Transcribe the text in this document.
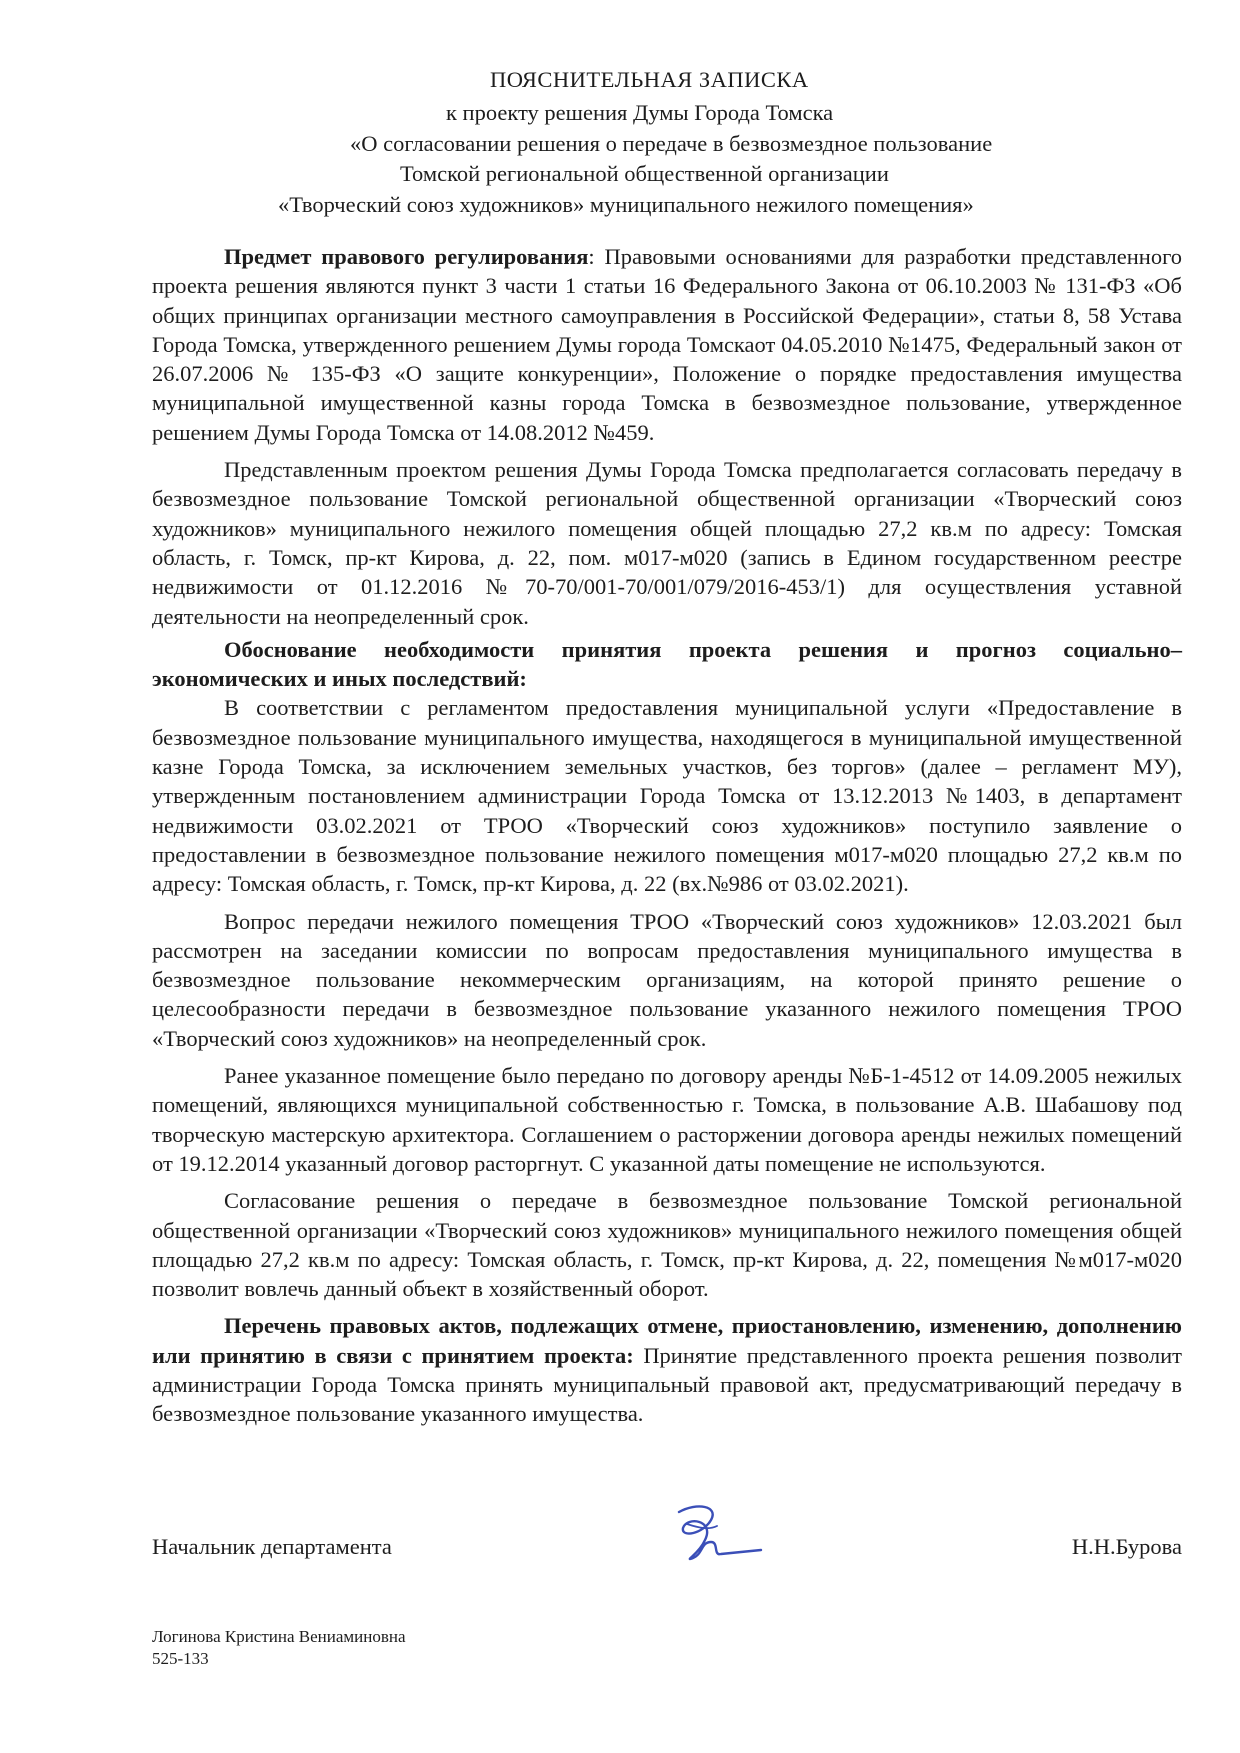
ПОЯСНИТЕЛЬНАЯ ЗАПИСКА
к проекту решения Думы Города Томска
«О согласовании решения о передаче в безвозмездное пользование
Томской региональной общественной организации
«Творческий союз художников» муниципального нежилого помещения»

Предмет правового регулирования: Правовыми основаниями для разработки представленного проекта решения являются пункт 3 части 1 статьи 16 Федерального Закона от 06.10.2003 № 131-ФЗ «Об общих принципах организации местного самоуправления в Российской Федерации», статьи 8, 58 Устава Города Томска, утвержденного решением Думы города Томскаот 04.05.2010 №1475, Федеральный закон от 26.07.2006 № 135-ФЗ «О защите конкуренции», Положение о порядке предоставления имущества муниципальной имущественной казны города Томска в безвозмездное пользование, утвержденное решением Думы Города Томска от 14.08.2012 №459.

Представленным проектом решения Думы Города Томска предполагается согласовать передачу в безвозмездное пользование Томской региональной общественной организации «Творческий союз художников» муниципального нежилого помещения общей площадью 27,2 кв.м по адресу: Томская область, г. Томск, пр-кт Кирова, д. 22, пом. м017-м020 (запись в Едином государственном реестре недвижимости от 01.12.2016 №70-70/001-70/001/079/2016-453/1) для осуществления уставной деятельности на неопределенный срок.

Обоснование необходимости принятия проекта решения и прогноз социально–экономических и иных последствий:

В соответствии с регламентом предоставления муниципальной услуги «Предоставление в безвозмездное пользование муниципального имущества, находящегося в муниципальной имущественной казне Города Томска, за исключением земельных участков, без торгов» (далее – регламент МУ), утвержденным постановлением администрации Города Томска от 13.12.2013 №1403, в департамент недвижимости 03.02.2021 от ТРОО «Творческий союз художников» поступило заявление о предоставлении в безвозмездное пользование нежилого помещения м017-м020 площадью 27,2 кв.м по адресу: Томская область, г. Томск, пр-кт Кирова, д. 22 (вх.№986 от 03.02.2021).

Вопрос передачи нежилого помещения ТРОО «Творческий союз художников» 12.03.2021 был рассмотрен на заседании комиссии по вопросам предоставления муниципального имущества в безвозмездное пользование некоммерческим организациям, на которой принято решение о целесообразности передачи в безвозмездное пользование указанного нежилого помещения ТРОО «Творческий союз художников» на неопределенный срок.

Ранее указанное помещение было передано по договору аренды №Б-1-4512 от 14.09.2005 нежилых помещений, являющихся муниципальной собственностью г. Томска, в пользование А.В. Шабашову под творческую мастерскую архитектора. Соглашением о расторжении договора аренды нежилых помещений от 19.12.2014 указанный договор расторгнут. С указанной даты помещение не используются.

Согласование решения о передаче в безвозмездное пользование Томской региональной общественной организации «Творческий союз художников» муниципального нежилого помещения общей площадью 27,2 кв.м по адресу: Томская область, г. Томск, пр-кт Кирова, д. 22, помещения №м017-м020 позволит вовлечь данный объект в хозяйственный оборот.

Перечень правовых актов, подлежащих отмене, приостановлению, изменению, дополнению или принятию в связи с принятием проекта: Принятие представленного проекта решения позволит администрации Города Томска принять муниципальный правовой акт, предусматривающий передачу в безвозмездное пользование указанного имущества.

Начальник департамента	Н.Н.Бурова
Логинова Кристина Вениаминовна
525-133
